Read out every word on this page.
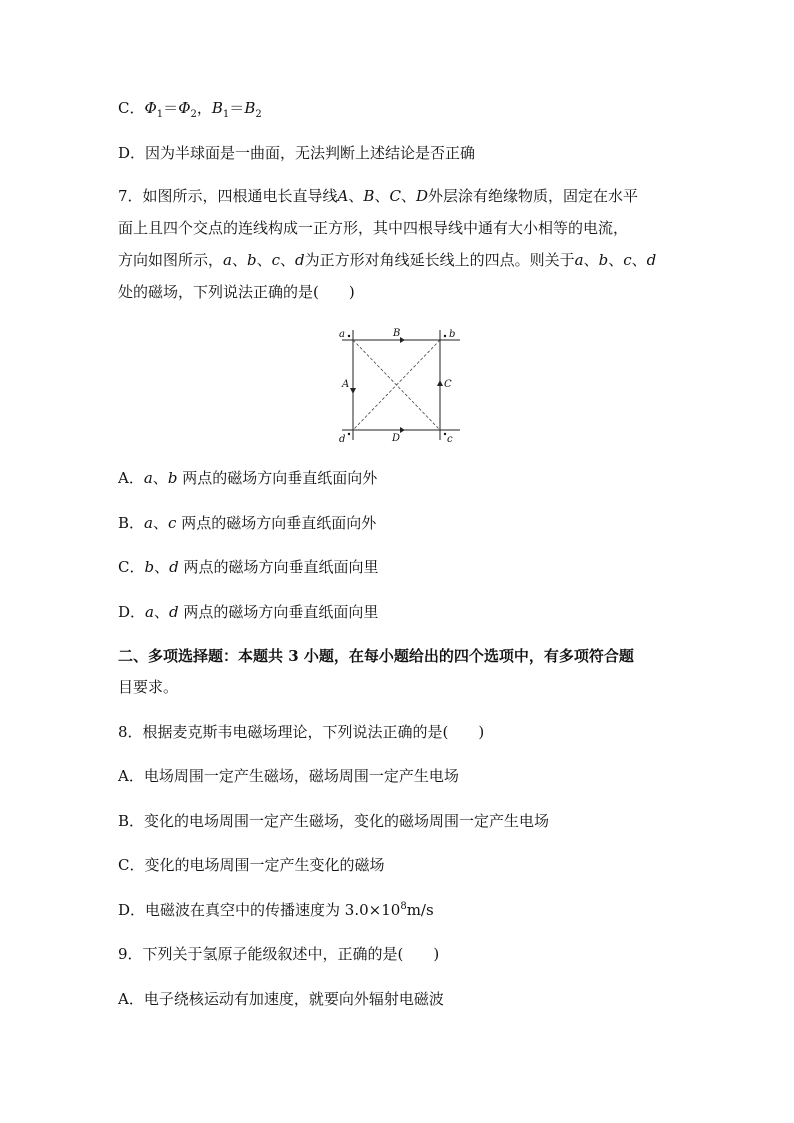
C．$\Phi_1=\Phi_2$，$B_1=B_2$
D．因为半球面是一曲面，无法判断上述结论是否正确
7．如图所示，四根通电长直导线A、B、C、D外层涂有绝缘物质，固定在水平
面上且四个交点的连线构成一正方形，其中四根导线中通有大小相等的电流，
方向如图所示，a、b、c、d为正方形对角线延长线上的四点。则关于a、b、c、d
处的磁场，下列说法正确的是(　　)
a	b
c
d
B
D
A	C
A．a、b 两点的磁场方向垂直纸面向外
B．a、c 两点的磁场方向垂直纸面向外
C．b、d 两点的磁场方向垂直纸面向里
D．a、d 两点的磁场方向垂直纸面向里
二、多项选择题：本题共 3 小题，在每小题给出的四个选项中，有多项符合题
目要求。
8．根据麦克斯韦电磁场理论，下列说法正确的是(　　)
A．电场周围一定产生磁场，磁场周围一定产生电场
B．变化的电场周围一定产生磁场，变化的磁场周围一定产生电场
C．变化的电场周围一定产生变化的磁场
D．电磁波在真空中的传播速度为 $3.0\times 10^8m/s$
9．下列关于氢原子能级叙述中，正确的是(　　)
A．电子绕核运动有加速度，就要向外辐射电磁波
